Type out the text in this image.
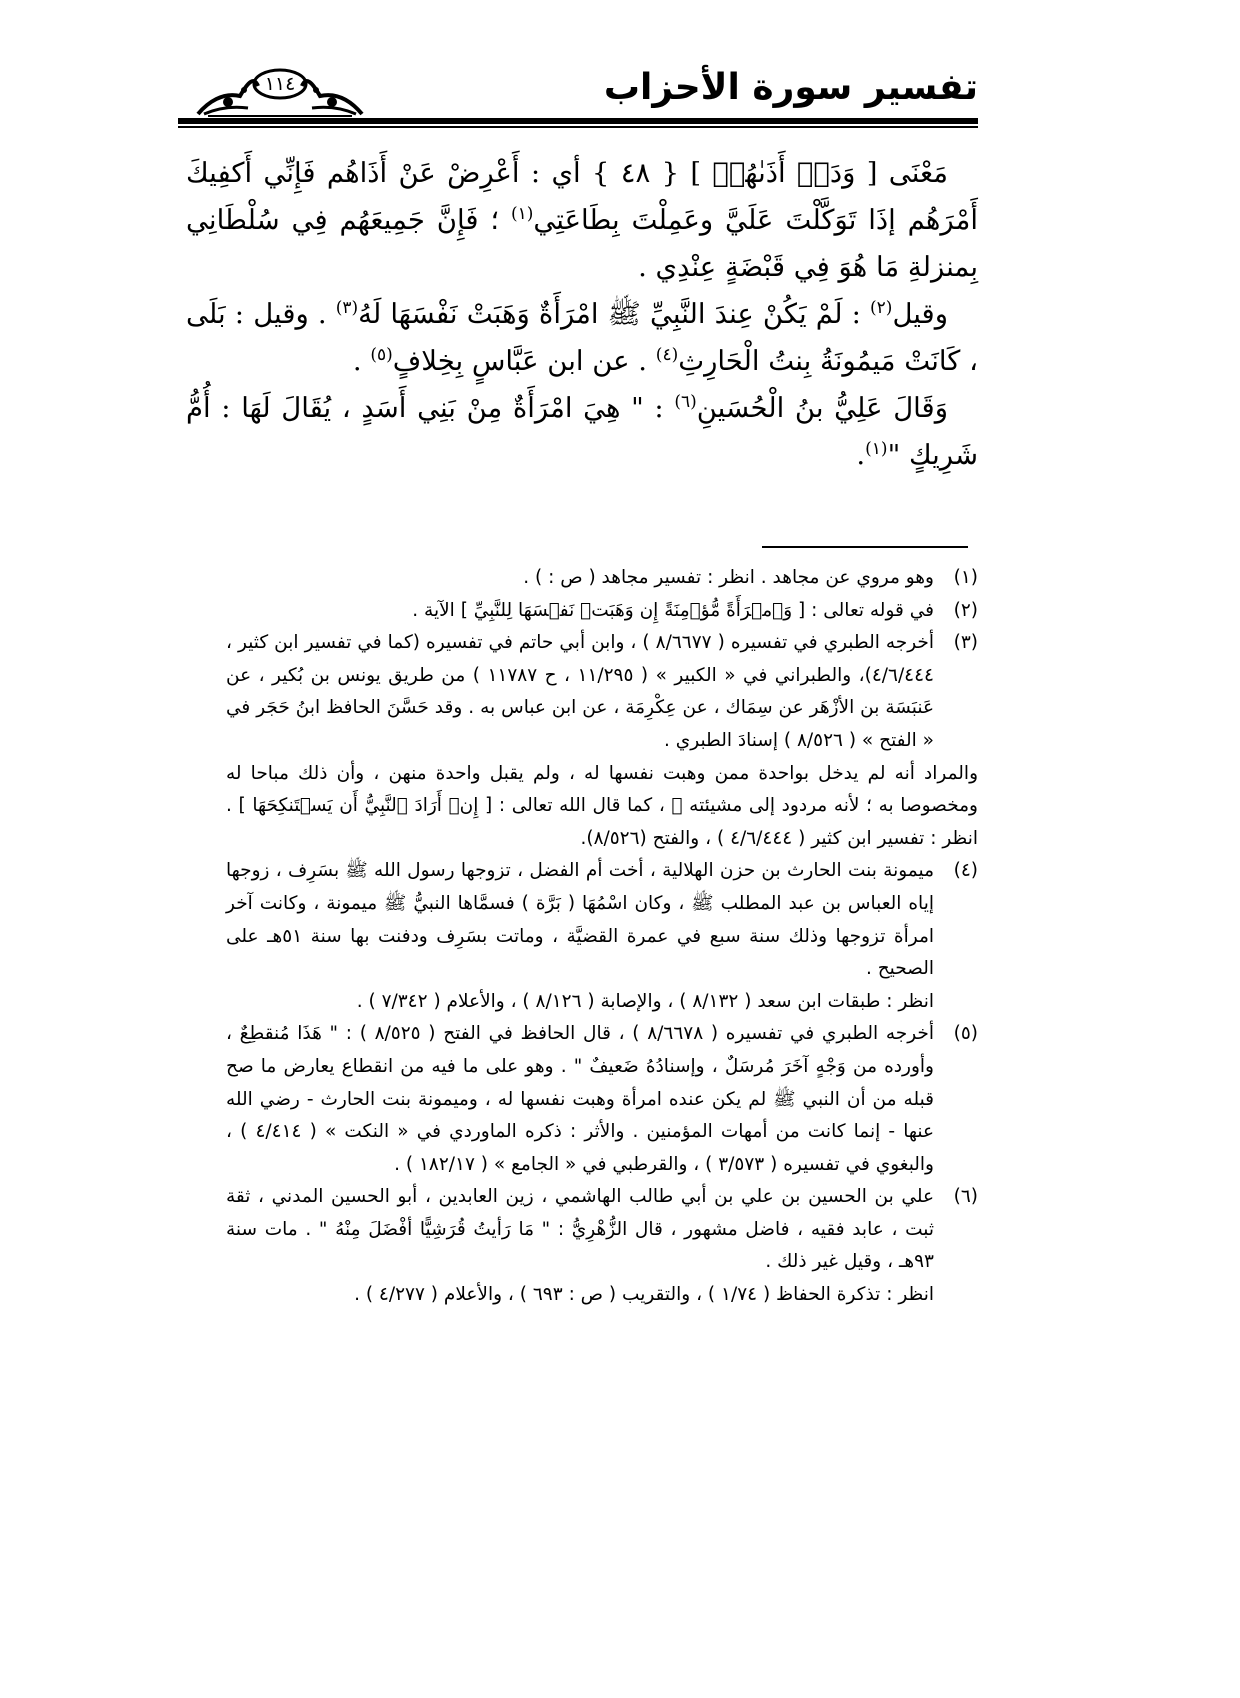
تفسير سورة الأحزاب
١١٤

مَعْنَى [ وَدَعۡ أَذَىٰهُمۡ ] { ٤٨ } أي : أَعْرِضْ عَنْ أَذَاهُم فَإِنِّي أَكفِيكَ أَمْرَهُم إذَا تَوَكَّلْتَ عَلَيَّ وعَمِلْتَ بِطَاعَتِي$^{(١)}$ ؛ فَإِنَّ جَمِيعَهُم فِي سُلْطَانِي بِمنزلةِ مَا هُوَ فِي قَبْضَةٍ عِنْدِي .

وقيل$^{(٢)}$ : لَمْ يَكُنْ عِندَ النَّبِيِّ ﷺ امْرَأَةٌ وَهَبَتْ نَفْسَهَا لَهُ$^{(٣)}$ . وقيل : بَلَى ، كَانَتْ مَيمُونَةُ بِنتُ الْحَارِثِ$^{(٤)}$ . عن ابن عَبَّاسٍ بِخِلافٍ$^{(٥)}$ .

وَقَالَ عَلِيُّ بنُ الْحُسَينِ$^{(٦)}$ : " هِيَ امْرَأَةٌ مِنْ بَنِي أَسَدٍ ، يُقَالَ لَهَا : أُمُّ شَرِيكٍ "$^{(١)}$.

(١)
وهو مروي عن مجاهد . انظر : تفسير مجاهد ( ص : ) .
(٢)
في قوله تعالى : [ وَٱمۡرَأَةً مُّؤۡمِنَةً إِن وَهَبَتۡ نَفۡسَهَا لِلنَّبِيِّ ] الآية .
(٣)
أخرجه الطبري في تفسيره ( ٨/٦٦٧٧ ) ، وابن أبي حاتم في تفسيره (كما في تفسير ابن كثير ، ٤/٦/٤٤٤)، والطبراني في « الكبير » ( ١١/٢٩٥ ، ح ١١٧٨٧ ) من طريق يونس بن بُكير ، عن عَنبَسَة بن الأزْهَر عن سِمَاك ، عن عِكْرِمَة ، عن ابن عباس به . وقد حَسَّنَ الحافظ ابنُ حَجَر في « الفتح » ( ٨/٥٢٦ ) إسنادَ الطبري .

والمراد أنه لم يدخل بواحدة ممن وهبت نفسها له ، ولم يقبل واحدة منهن ، وأن ذلك مباحا له ومخصوصا به ؛ لأنه مردود إلى مشيئته ﷺ ، كما قال الله تعالى : [ إِنۡ أَرَادَ ٱلنَّبِيُّ أَن يَسۡتَنكِحَهَا ] . انظر : تفسير ابن كثير ( ٤/٦/٤٤٤ ) ، والفتح (٨/٥٢٦).

(٤)
ميمونة بنت الحارث بن حزن الهلالية ، أخت أم الفضل ، تزوجها رسول الله ﷺ بسَرِف ، زوجها إياه العباس بن عبد المطلب ﷺ ، وكان اسْمُهَا ( بَرَّة ) فسمَّاها النبيُّ ﷺ ميمونة ، وكانت آخر امرأة تزوجها وذلك سنة سبع في عمرة القضيَّة ، وماتت بسَرِف ودفنت بها سنة ٥١هـ على الصحيح .

انظر : طبقات ابن سعد ( ٨/١٣٢ ) ، والإصابة ( ٨/١٢٦ ) ، والأعلام ( ٧/٣٤٢ ) .

(٥)
أخرجه الطبري في تفسيره ( ٨/٦٦٧٨ ) ، قال الحافظ في الفتح ( ٨/٥٢٥ ) : " هَذَا مُنقطِعٌ ، وأورده من وَجْهٍ آخَرَ مُرسَلٌ ، وإسنادُهُ ضَعيفٌ " . وهو على ما فيه من انقطاع يعارض ما صح قبله من أن النبي ﷺ لم يكن عنده امرأة وهبت نفسها له ، وميمونة بنت الحارث - رضي الله عنها - إنما كانت من أمهات المؤمنين . والأثر : ذكره الماوردي في « النكت » ( ٤/٤١٤ ) ، والبغوي في تفسيره ( ٣/٥٧٣ ) ، والقرطبي في « الجامع » ( ١٨٢/١٧ ) .
(٦)
علي بن الحسين بن علي بن أبي طالب الهاشمي ، زين العابدين ، أبو الحسين المدني ، ثقة ثبت ، عابد فقيه ، فاضل مشهور ، قال الزُّهْرِيُّ : " مَا رَأيتُ قُرَشِيًّا أفْضَلَ مِنْهُ " . مات سنة ٩٣هـ ، وقيل غير ذلك .

انظر : تذكرة الحفاظ ( ١/٧٤ ) ، والتقريب ( ص : ٦٩٣ ) ، والأعلام ( ٤/٢٧٧ ) .
